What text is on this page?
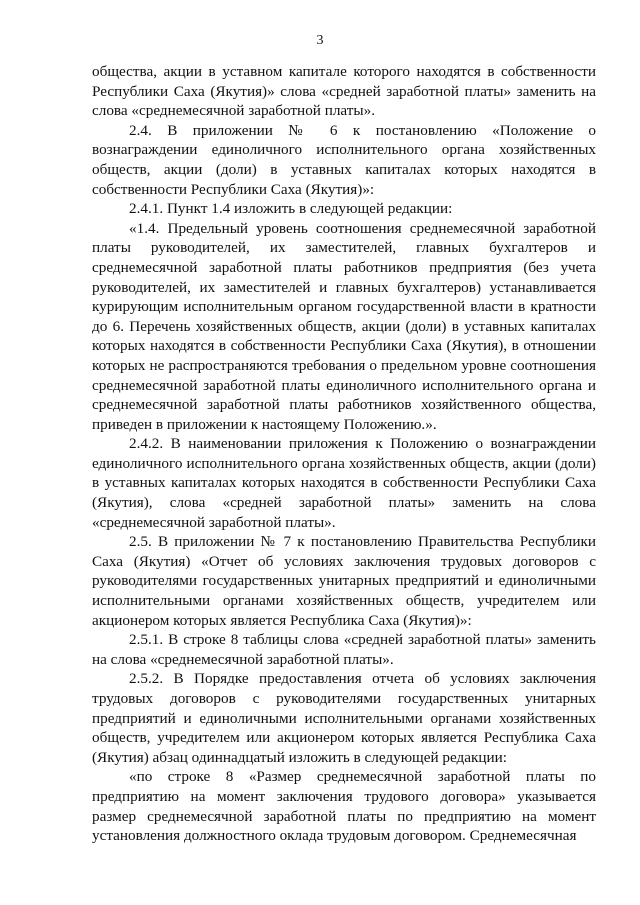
3

общества, акции в уставном капитале которого находятся в собственности Республики Саха (Якутия)» слова «средней заработной платы» заменить на слова «среднемесячной заработной платы».

2.4. В приложении № 6 к постановлению «Положение о вознаграждении единоличного исполнительного органа хозяйственных обществ, акции (доли) в уставных капиталах которых находятся в собственности Республики Саха (Якутия)»:

2.4.1. Пункт 1.4 изложить в следующей редакции:

«1.4. Предельный уровень соотношения среднемесячной заработной платы руководителей, их заместителей, главных бухгалтеров и среднемесячной заработной платы работников предприятия (без учета руководителей, их заместителей и главных бухгалтеров) устанавливается курирующим исполнительным органом государственной власти в кратности до 6. Перечень хозяйственных обществ, акции (доли) в уставных капиталах которых находятся в собственности Республики Саха (Якутия), в отношении которых не распространяются требования о предельном уровне соотношения среднемесячной заработной платы единоличного исполнительного органа и среднемесячной заработной платы работников хозяйственного общества, приведен в приложении к настоящему Положению.».

2.4.2. В наименовании приложения к Положению о вознаграждении единоличного исполнительного органа хозяйственных обществ, акции (доли) в уставных капиталах которых находятся в собственности Республики Саха (Якутия), слова «средней заработной платы» заменить на слова «среднемесячной заработной платы».

2.5. В приложении № 7 к постановлению Правительства Республики Саха (Якутия) «Отчет об условиях заключения трудовых договоров с руководителями государственных унитарных предприятий и единоличными исполнительными органами хозяйственных обществ, учредителем или акционером которых является Республика Саха (Якутия)»:

2.5.1. В строке 8 таблицы слова «средней заработной платы» заменить на слова «среднемесячной заработной платы».

2.5.2. В Порядке предоставления отчета об условиях заключения трудовых договоров с руководителями государственных унитарных предприятий и единоличными исполнительными органами хозяйственных обществ, учредителем или акционером которых является Республика Саха (Якутия) абзац одиннадцатый изложить в следующей редакции:

«по строке 8 «Размер среднемесячной заработной платы по предприятию на момент заключения трудового договора» указывается размер среднемесячной заработной платы по предприятию на момент установления должностного оклада трудовым договором. Среднемесячная
